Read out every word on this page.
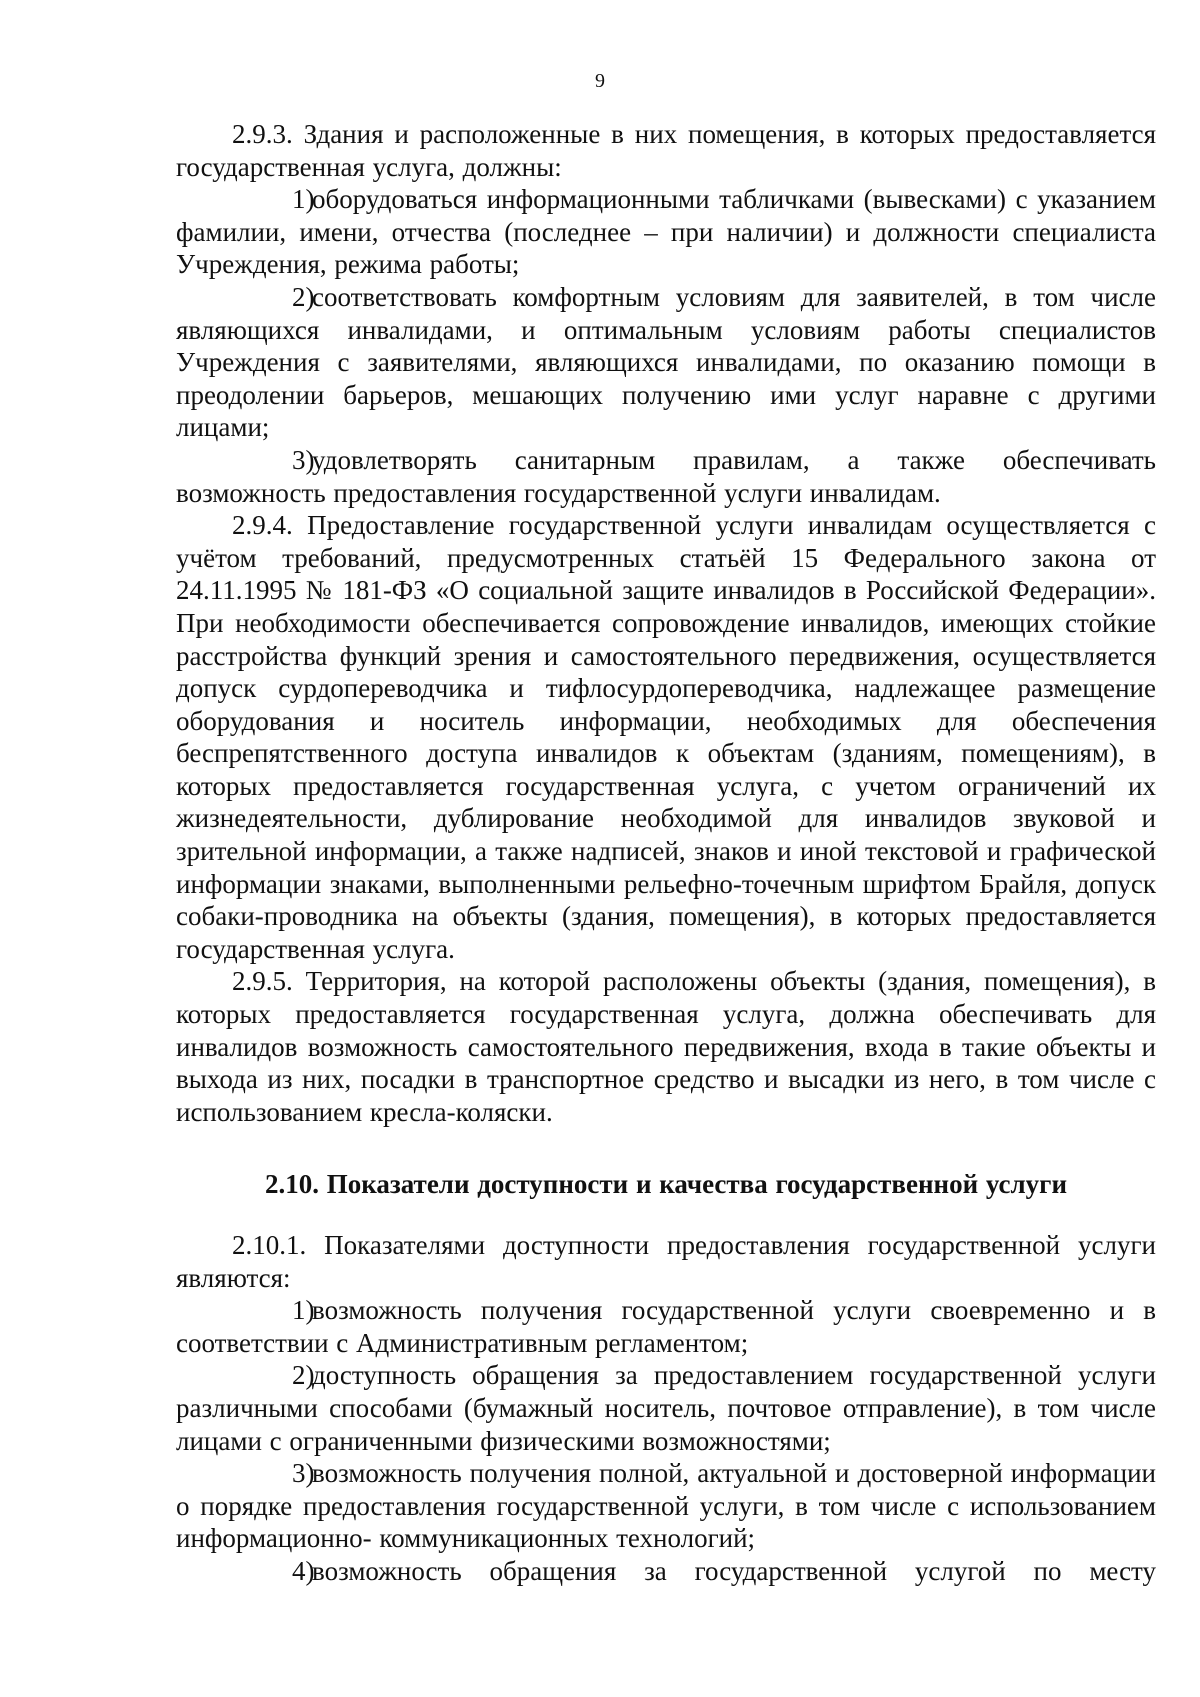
9

2.9.3. Здания и расположенные в них помещения, в которых предоставляется государственная услуга, должны:

1)оборудоваться информационными табличками (вывесками) с указанием фамилии, имени, отчества (последнее – при наличии) и должности специалиста Учреждения, режима работы;

2)соответствовать комфортным условиям для заявителей, в том числе являющихся инвалидами, и оптимальным условиям работы специалистов Учреждения с заявителями, являющихся инвалидами, по оказанию помощи в преодолении барьеров, мешающих получению ими услуг наравне с другими лицами;

3)удовлетворять санитарным правилам, а также обеспечивать возможность предоставления государственной услуги инвалидам.

2.9.4. Предоставление государственной услуги инвалидам осуществляется с учётом требований, предусмотренных статьёй 15 Федерального закона от 24.11.1995 № 181-ФЗ «О социальной защите инвалидов в Российской Федерации». При необходимости обеспечивается сопровождение инвалидов, имеющих стойкие расстройства функций зрения и самостоятельного передвижения, осуществляется допуск сурдопереводчика и тифлосурдопереводчика, надлежащее размещение оборудования и носитель информации, необходимых для обеспечения беспрепятственного доступа инвалидов к объектам (зданиям, помещениям), в которых предоставляется государственная услуга, с учетом ограничений их жизнедеятельности, дублирование необходимой для инвалидов звуковой и зрительной информации, а также надписей, знаков и иной текстовой и графической информации знаками, выполненными рельефно-точечным шрифтом Брайля, допуск собаки-проводника на объекты (здания, помещения), в которых предоставляется государственная услуга.

2.9.5. Территория, на которой расположены объекты (здания, помещения), в которых предоставляется государственная услуга, должна обеспечивать для инвалидов возможность самостоятельного передвижения, входа в такие объекты и выхода из них, посадки в транспортное средство и высадки из него, в том числе с использованием кресла-коляски.

2.10. Показатели доступности и качества государственной услуги

2.10.1. Показателями доступности предоставления государственной услуги являются:

1)возможность получения государственной услуги своевременно и в соответствии с Административным регламентом;

2)доступность обращения за предоставлением государственной услуги различными способами (бумажный носитель, почтовое отправление), в том числе лицами с ограниченными физическими возможностями;

3)возможность получения полной, актуальной и достоверной информации о порядке предоставления государственной услуги, в том числе с использованием информационно- коммуникационных технологий;

4)возможность обращения за государственной услугой по месту
